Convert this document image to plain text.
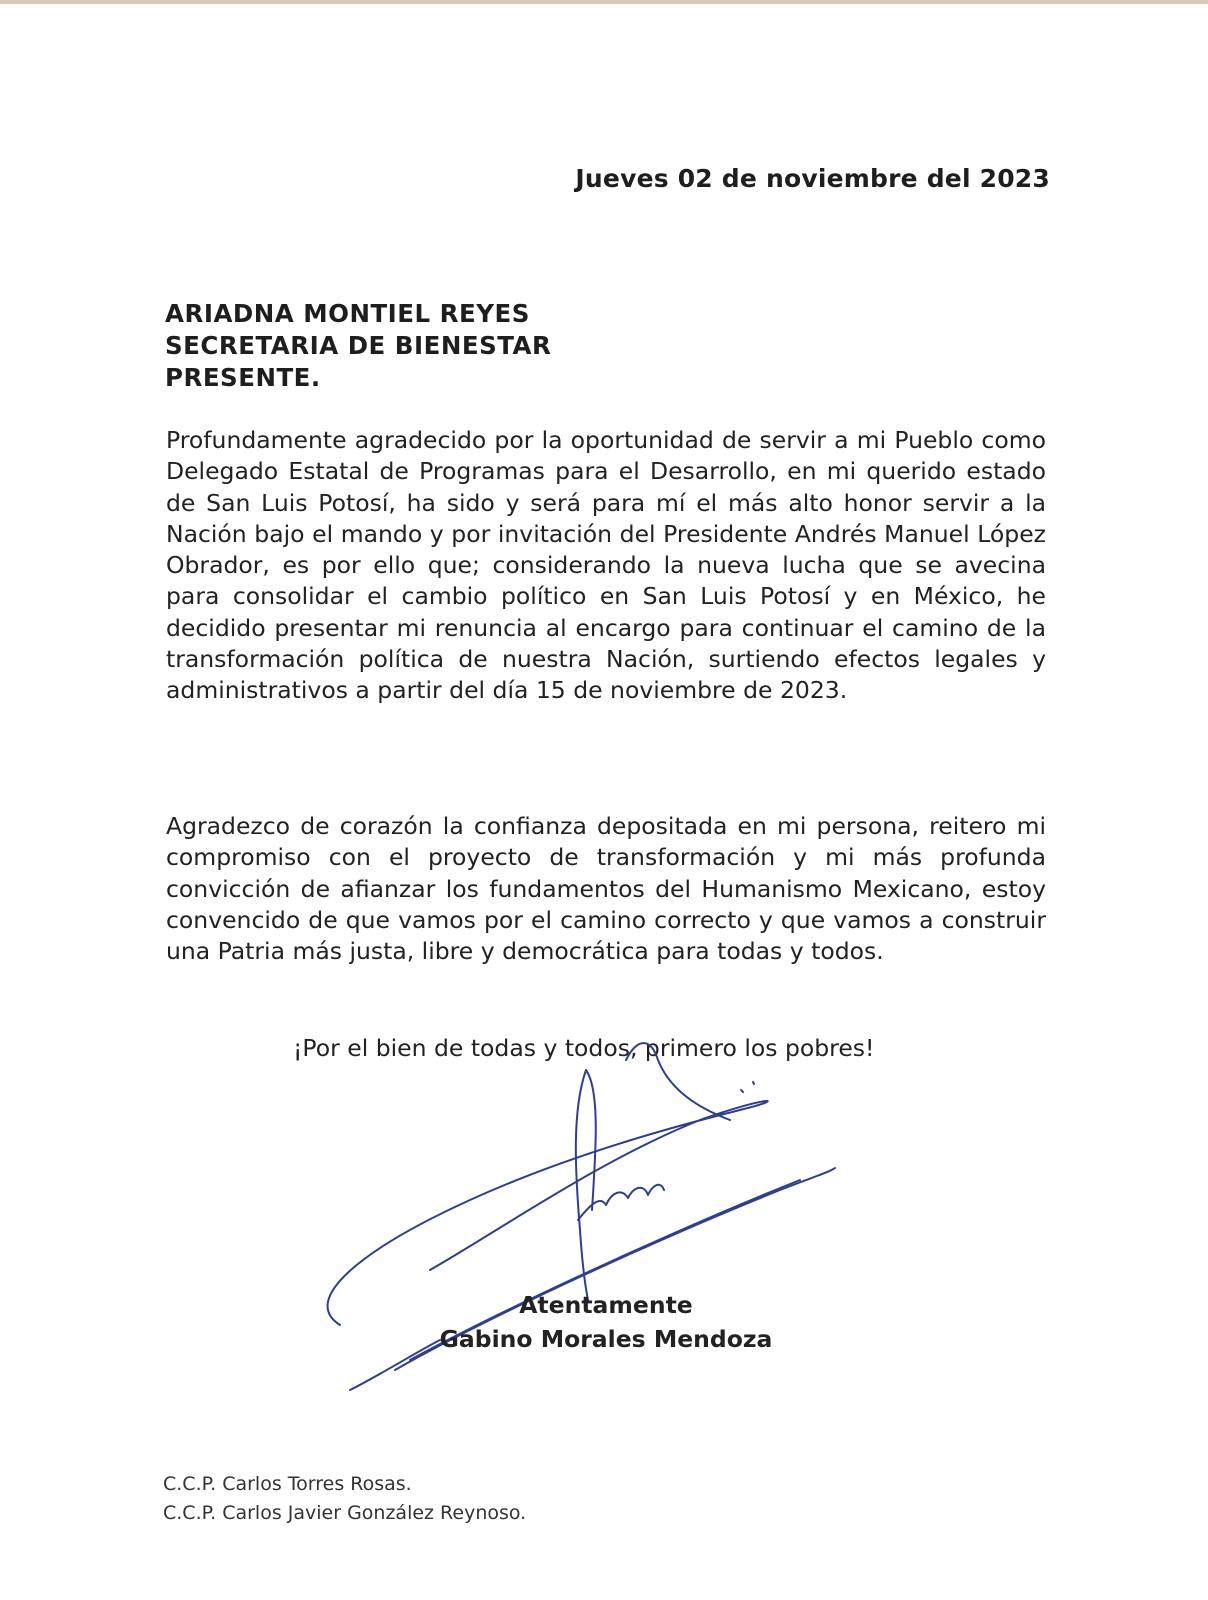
Jueves 02 de noviembre del 2023
ARIADNA MONTIEL REYES
SECRETARIA DE BIENESTAR
PRESENTE.
Profundamente agradecido por la oportunidad de servir a mi Pueblo como Delegado Estatal de Programas para el Desarrollo, en mi querido estado de San Luis Potosí, ha sido y será para mí el más alto honor servir a la Nación bajo el mando y por invitación del Presidente Andrés Manuel López Obrador, es por ello que; considerando la nueva lucha que se avecina para consolidar el cambio político en San Luis Potosí y en México, he decidido presentar mi renuncia al encargo para continuar el camino de la transformación política de nuestra Nación, surtiendo efectos legales y administrativos a partir del día 15 de noviembre de 2023.
Agradezco de corazón la confianza depositada en mi persona, reitero mi compromiso con el proyecto de transformación y mi más profunda convicción de afianzar los fundamentos del Humanismo Mexicano, estoy convencido de que vamos por el camino correcto y que vamos a construir una Patria más justa, libre y democrática para todas y todos.
¡Por el bien de todas y todos, primero los pobres!
Atentamente
Gabino Morales Mendoza
C.C.P. Carlos Torres Rosas.
C.C.P. Carlos Javier González Reynoso.
